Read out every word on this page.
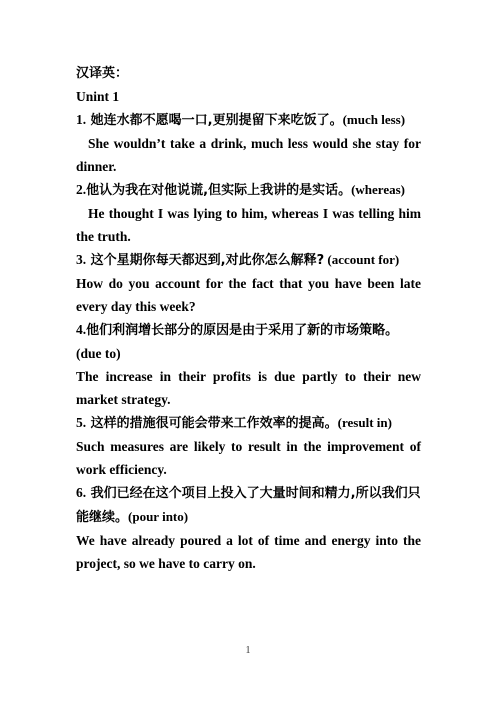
汉译英：

Unint 1

1. 她连水都不愿喝一口,更别提留下来吃饭了。(much less)

She wouldn’t take a drink, much less would she stay for dinner.

2.他认为我在对他说谎,但实际上我讲的是实话。(whereas)

He thought I was lying to him, whereas I was telling him the truth.

3. 这个星期你每天都迟到,对此你怎么解释? (account for)

How do you account for the fact that you have been late every day this week?

4.他们利润增长部分的原因是由于采用了新的市场策略。

(due to)

The increase in their profits is due partly to their new market strategy.

5. 这样的措施很可能会带来工作效率的提高。(result in)

Such measures are likely to result in the improvement of work efficiency.

6. 我们已经在这个项目上投入了大量时间和精力,所以我们只能继续。(pour into)

We have already poured a lot of time and energy into the project, so we have to carry on.

1
